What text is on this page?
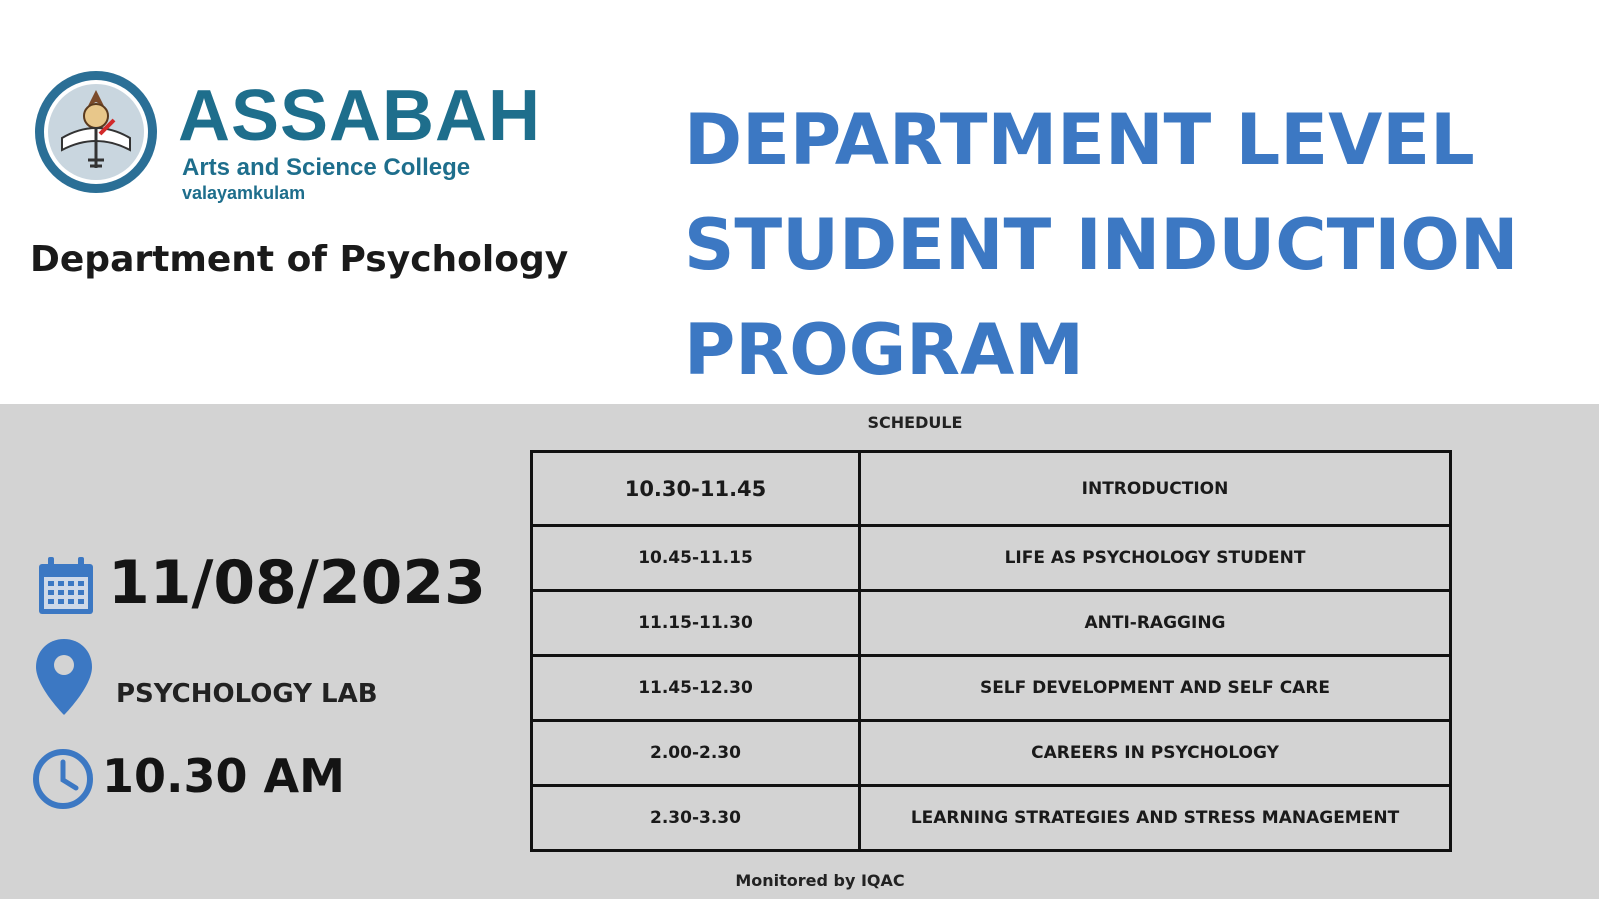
ASSABAH
Arts and Science College
valayamkulam
Department of Psychology
DEPARTMENT LEVEL
STUDENT INDUCTION
PROGRAM
11/08/2023
PSYCHOLOGY LAB
10.30 AM
SCHEDULE
10.30-11.45	INTRODUCTION
10.45-11.15	LIFE AS PSYCHOLOGY STUDENT
11.15-11.30	ANTI-RAGGING
11.45-12.30	SELF DEVELOPMENT AND SELF CARE
2.00-2.30	CAREERS IN PSYCHOLOGY
2.30-3.30	LEARNING STRATEGIES AND STRESS MANAGEMENT
Monitored by IQAC
